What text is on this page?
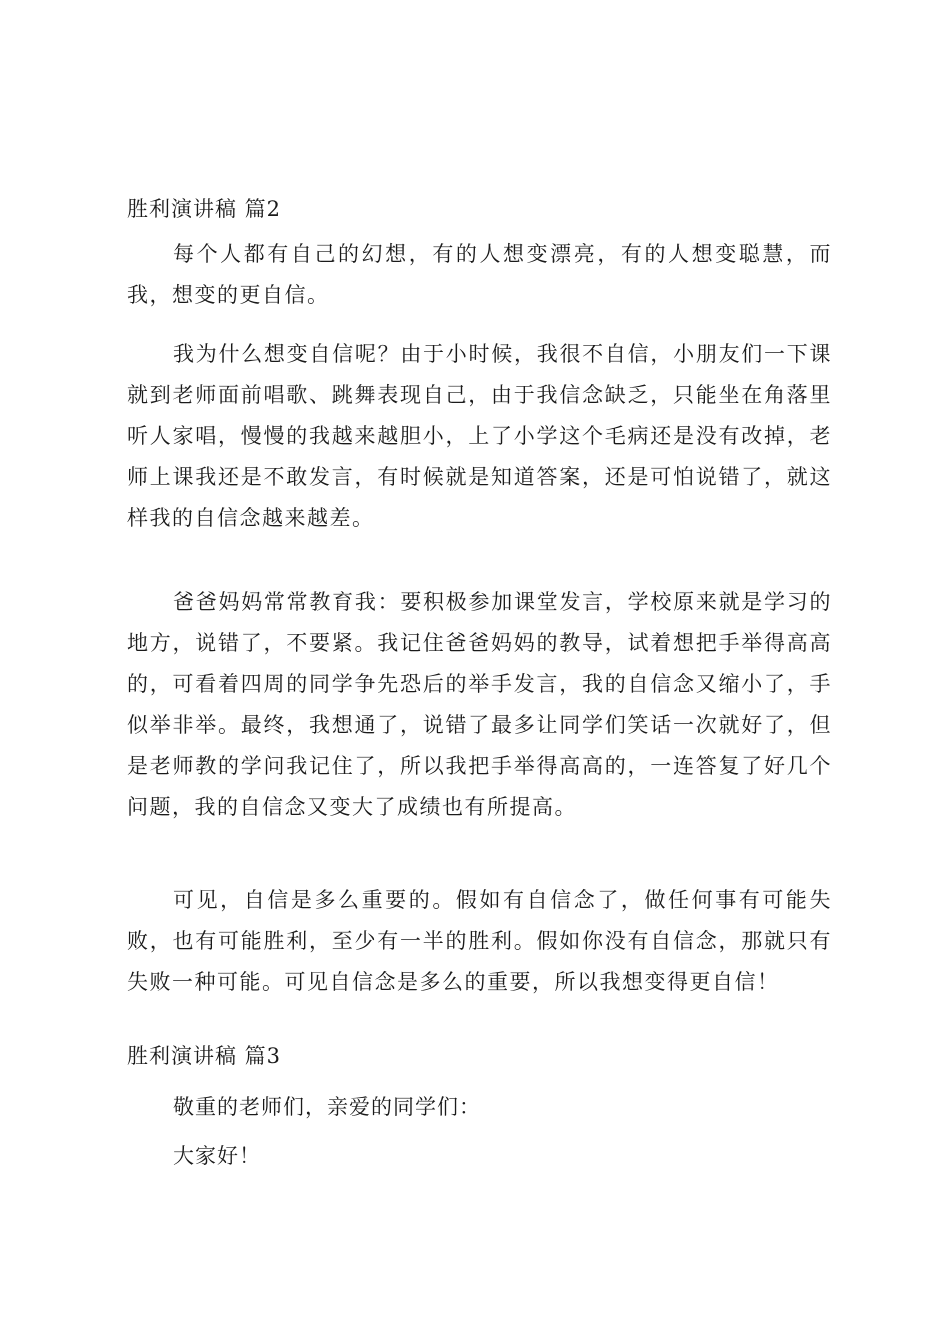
胜利演讲稿 篇2
每个人都有自己的幻想，有的人想变漂亮，有的人想变聪慧，而我，想变的更自信。
我为什么想变自信呢？由于小时候，我很不自信，小朋友们一下课就到老师面前唱歌、跳舞表现自己，由于我信念缺乏，只能坐在角落里听人家唱，慢慢的我越来越胆小，上了小学这个毛病还是没有改掉，老师上课我还是不敢发言，有时候就是知道答案，还是可怕说错了，就这样我的自信念越来越差。
爸爸妈妈常常教育我：要积极参加课堂发言，学校原来就是学习的地方，说错了，不要紧。我记住爸爸妈妈的教导，试着想把手举得高高的，可看着四周的同学争先恐后的举手发言，我的自信念又缩小了，手似举非举。最终，我想通了，说错了最多让同学们笑话一次就好了，但是老师教的学问我记住了，所以我把手举得高高的，一连答复了好几个问题，我的自信念又变大了成绩也有所提高。
可见，自信是多么重要的。假如有自信念了，做任何事有可能失败，也有可能胜利，至少有一半的胜利。假如你没有自信念，那就只有失败一种可能。可见自信念是多么的重要，所以我想变得更自信！
胜利演讲稿 篇3
敬重的老师们，亲爱的同学们：
大家好！
